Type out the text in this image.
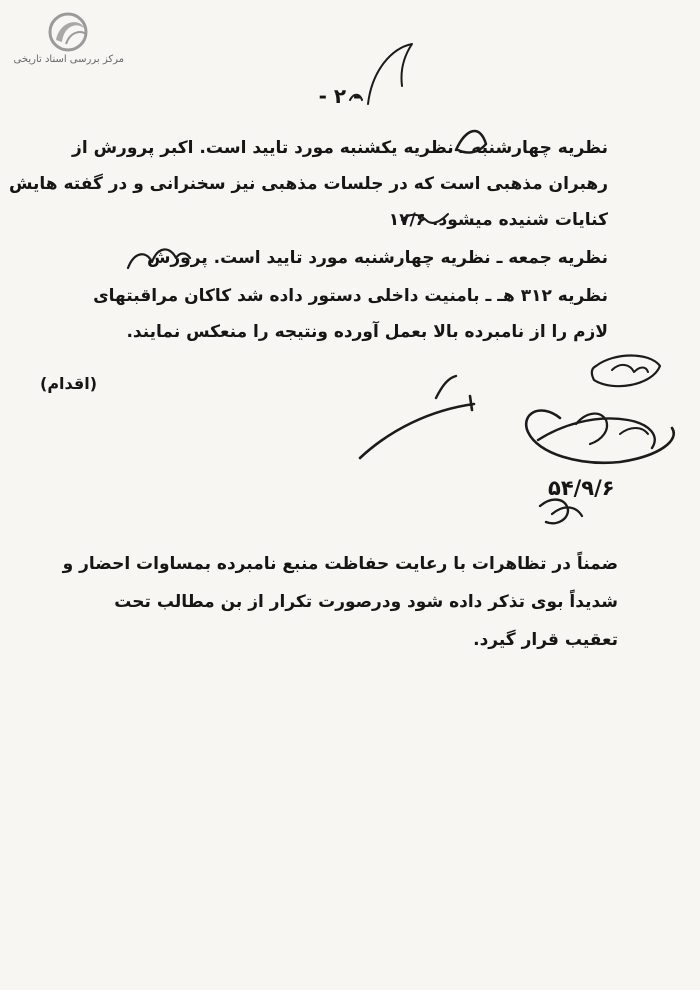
مرکز بررسی اسناد تاریخی
- ۲ -
نظریه چهارشنبه ـ نظریه یکشنبه مورد تایید است. اکبر پرورش از
رهبران مذهبی است که در جلسات مذهبی نیز سخنرانی و در گفته هایش
کنایات شنیده میشود. ۱۷/۶
نظریه جمعه ـ نظریه چهارشنبه مورد تایید است. پرورش
نظریه ۳۱۲ هـ ـ بامنیت داخلی دستور داده شد کاکان مراقبتهای
لازم را از نامبرده بالا بعمل آورده ونتیجه را منعکس نمایند.
(اقدام)
۵۴/۹/۶
ضمناً در تظاهرات با رعایت حفاظت منبع نامبرده بمساوات احضار و
شدیداً بوی تذکر داده شود ودرصورت تکرار از بن مطالب تحت
تعقیب قرار گیرد.
